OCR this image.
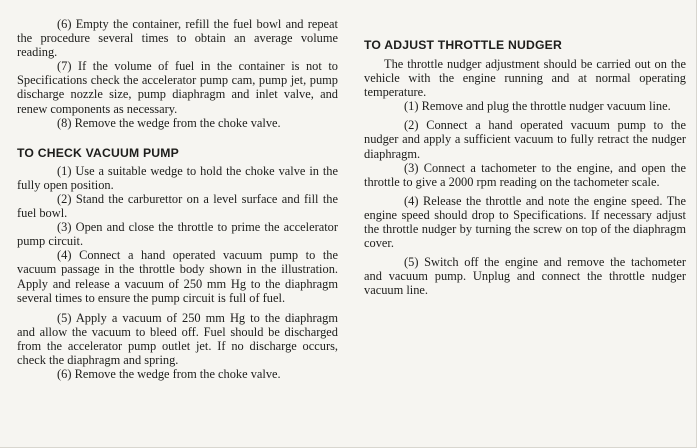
(6) Empty the container, refill the fuel bowl and repeat the procedure several times to obtain an average volume reading.

(7) If the volume of fuel in the container is not to Specifications check the accelerator pump cam, pump jet, pump discharge nozzle size, pump diaphragm and inlet valve, and renew components as necessary.

(8) Remove the wedge from the choke valve.

TO CHECK VACUUM PUMP

(1) Use a suitable wedge to hold the choke valve in the fully open position.

(2) Stand the carburettor on a level surface and fill the fuel bowl.

(3) Open and close the throttle to prime the accelerator pump circuit.

(4) Connect a hand operated vacuum pump to the vacuum passage in the throttle body shown in the illustration. Apply and release a vacuum of 250 mm Hg to the diaphragm several times to ensure the pump circuit is full of fuel.

(5) Apply a vacuum of 250 mm Hg to the diaphragm and allow the vacuum to bleed off. Fuel should be discharged from the accelerator pump outlet jet. If no discharge occurs, check the diaphragm and spring.

(6) Remove the wedge from the choke valve.

TO ADJUST THROTTLE NUDGER

The throttle nudger adjustment should be carried out on the vehicle with the engine running and at normal operating temperature.

(1) Remove and plug the throttle nudger vacuum line.

(2) Connect a hand operated vacuum pump to the nudger and apply a sufficient vacuum to fully retract the nudger diaphragm.

(3) Connect a tachometer to the engine, and open the throttle to give a 2000 rpm reading on the tachometer scale.

(4) Release the throttle and note the engine speed. The engine speed should drop to Specifications. If necessary adjust the throttle nudger by turning the screw on top of the diaphragm cover.

(5) Switch off the engine and remove the tachometer and vacuum pump. Unplug and connect the throttle nudger vacuum line.
